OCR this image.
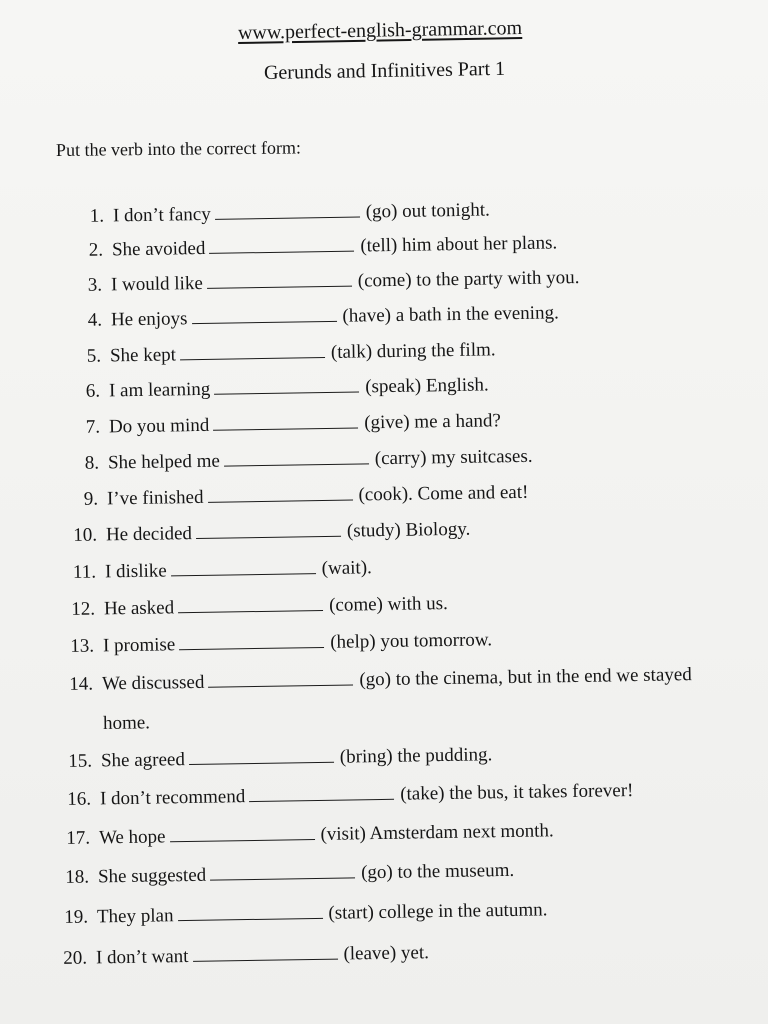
www.perfect-english-grammar.com
Gerunds and Infinitives Part 1
Put the verb into the correct form:
1. I don’t fancy	(go) out tonight.
2. She avoided	(tell) him about her plans.
3. I would like	(come) to the party with you.
4. He enjoys	(have) a bath in the evening.
5. She kept	(talk) during the film.
6. I am learning	(speak) English.
7. Do you mind	(give) me a hand?
8. She helped me	(carry) my suitcases.
9. I’ve finished	(cook). Come and eat!
10. He decided	(study) Biology.
11. I dislike	(wait).
12. He asked	(come) with us.
13. I promise	(help) you tomorrow.
14. We discussed	(go) to the cinema, but in the end we stayed
home.
15. She agreed	(bring) the pudding.
16. I don’t recommend	(take) the bus, it takes forever!
17. We hope	(visit) Amsterdam next month.
18. She suggested	(go) to the museum.
19. They plan	(start) college in the autumn.
20. I don’t want	(leave) yet.
